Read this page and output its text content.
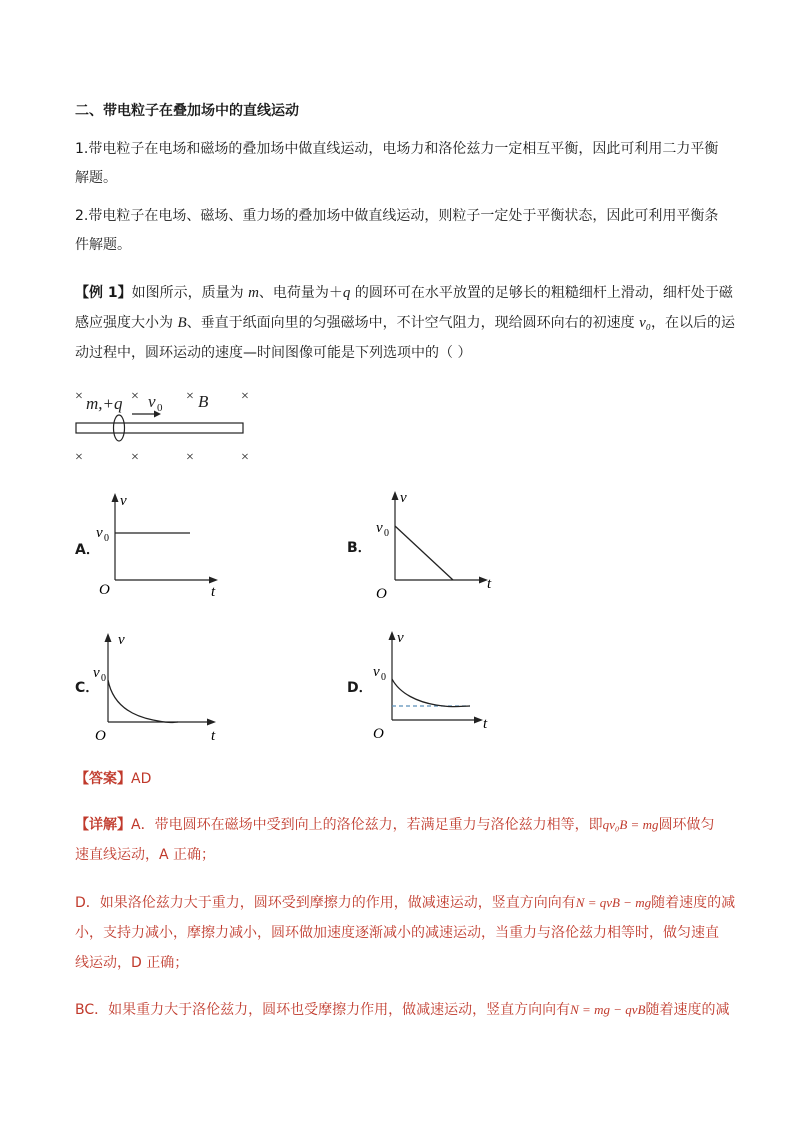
二、带电粒子在叠加场中的直线运动
1.带电粒子在电场和磁场的叠加场中做直线运动，电场力和洛伦兹力一定相互平衡，因此可利用二力平衡
解题。
2.带电粒子在电场、磁场、重力场的叠加场中做直线运动，则粒子一定处于平衡状态，因此可利用平衡条
件解题。
【例 1】如图所示，质量为 m、电荷量为＋q 的圆环可在水平放置的足够长的粗糙细杆上滑动，细杆处于磁
感应强度大小为 B、垂直于纸面向里的匀强磁场中，不计空气阻力，现给圆环向右的初速度 v₀，在以后的运
动过程中，圆环运动的速度—时间图像可能是下列选项中的（ ）
×	×	×	×
×	×	×	×
m,+q v 0 B
A．
v
t
O
v 0
B．
v
t
O
v 0
C．
v
t
O
v 0
D．
v
t
O
v 0
【答案】AD
【详解】A．带电圆环在磁场中受到向上的洛伦兹力，若满足重力与洛伦兹力相等，即qv₀B = mg圆环做匀
速直线运动，A 正确；
D．如果洛伦兹力大于重力，圆环受到摩擦力的作用，做减速运动，竖直方向向有N = qvB − mg随着速度的减
小，支持力减小，摩擦力减小，圆环做加速度逐渐减小的减速运动，当重力与洛伦兹力相等时，做匀速直
线运动，D 正确；
BC．如果重力大于洛伦兹力，圆环也受摩擦力作用，做减速运动，竖直方向向有N = mg − qvB随着速度的减
